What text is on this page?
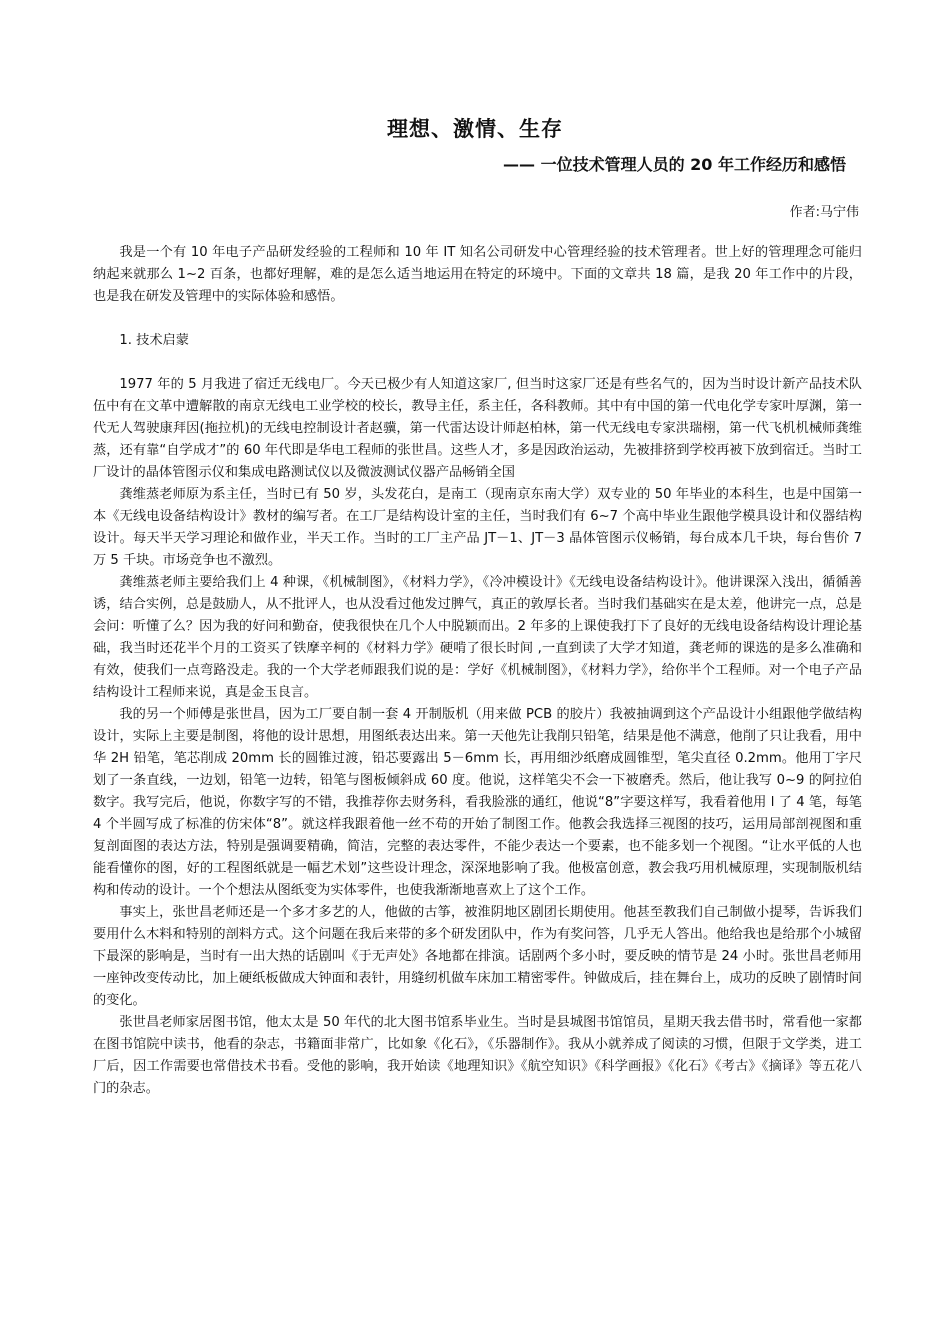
理想、激情、生存
—— 一位技术管理人员的 20 年工作经历和感悟
作者:马宁伟

我是一个有 10 年电子产品研发经验的工程师和 10 年 IT 知名公司研发中心管理经验的技术管理者。世上好的管理理念可能归纳起来就那么 1~2 百条，也都好理解，难的是怎么适当地运用在特定的环境中。下面的文章共 18 篇，是我 20 年工作中的片段，也是我在研发及管理中的实际体验和感悟。

1. 技术启蒙

1977 年的 5 月我进了宿迁无线电厂。今天已极少有人知道这家厂, 但当时这家厂还是有些名气的，因为当时设计新产品技术队伍中有在文革中遭解散的南京无线电工业学校的校长，教导主任，系主任，各科教师。其中有中国的第一代电化学专家叶厚渊，第一代无人驾驶康拜因(拖拉机)的无线电控制设计者赵骥，第一代雷达设计师赵柏林，第一代无线电专家洪瑞栩，第一代飞机机械师龚维蒸，还有靠“自学成才”的 60 年代即是华电工程师的张世昌。这些人才，多是因政治运动，先被排挤到学校再被下放到宿迁。当时工厂设计的晶体管图示仪和集成电路测试仪以及微波测试仪器产品畅销全国

龚维蒸老师原为系主任，当时已有 50 岁，头发花白，是南工（现南京东南大学）双专业的 50 年毕业的本科生，也是中国第一本《无线电设备结构设计》教材的编写者。在工厂是结构设计室的主任，当时我们有 6~7 个高中毕业生跟他学模具设计和仪器结构设计。每天半天学习理论和做作业，半天工作。当时的工厂主产品 JT－1、JT－3 晶体管图示仪畅销，每台成本几千块，每台售价 7 万 5 千块。市场竞争也不激烈。

龚维蒸老师主要给我们上 4 种课，《机械制图》，《材料力学》，《冷冲模设计》《无线电设备结构设计》。他讲课深入浅出，循循善诱，结合实例，总是鼓励人，从不批评人，也从没看过他发过脾气，真正的敦厚长者。当时我们基础实在是太差，他讲完一点，总是会问：听懂了么？因为我的好问和勤奋，使我很快在几个人中脱颖而出。2 年多的上课使我打下了良好的无线电设备结构设计理论基础，我当时还花半个月的工资买了铁摩辛柯的《材料力学》硬啃了很长时间 ,一直到读了大学才知道，龚老师的课选的是多么准确和有效，使我们一点弯路没走。我的一个大学老师跟我们说的是：学好《机械制图》，《材料力学》，给你半个工程师。对一个电子产品结构设计工程师来说，真是金玉良言。

我的另一个师傅是张世昌，因为工厂要自制一套 4 开制版机（用来做 PCB 的胶片）我被抽调到这个产品设计小组跟他学做结构设计，实际上主要是制图，将他的设计思想，用图纸表达出来。第一天他先让我削只铅笔，结果是他不满意，他削了只让我看，用中华 2H 铅笔，笔芯削成 20mm 长的圆锥过渡，铅芯要露出 5－6mm 长，再用细沙纸磨成圆锥型，笔尖直径 0.2mm。他用丁字尺划了一条直线，一边划，铅笔一边转，铅笔与图板倾斜成 60 度。他说，这样笔尖不会一下被磨秃。然后，他让我写 0~9 的阿拉伯数字。我写完后，他说，你数字写的不错，我推荐你去财务科，看我脸涨的通红，他说“8”字要这样写，我看着他用 l 了 4 笔，每笔 4 个半圆写成了标准的仿宋体“8”。就这样我跟着他一丝不苟的开始了制图工作。他教会我选择三视图的技巧，运用局部剖视图和重复剖面图的表达方法，特别是强调要精确，简洁，完整的表达零件，不能少表达一个要素，也不能多划一个视图。“让水平低的人也能看懂你的图，好的工程图纸就是一幅艺术划”这些设计理念，深深地影响了我。他极富创意，教会我巧用机械原理，实现制版机结构和传动的设计。一个个想法从图纸变为实体零件，也使我渐渐地喜欢上了这个工作。

事实上，张世昌老师还是一个多才多艺的人，他做的古筝，被淮阴地区剧团长期使用。他甚至教我们自己制做小提琴，告诉我们要用什么木料和特别的剖料方式。这个问题在我后来带的多个研发团队中，作为有奖问答，几乎无人答出。他给我也是给那个小城留下最深的影响是，当时有一出大热的话剧叫《于无声处》各地都在排演。话剧两个多小时，要反映的情节是 24 小时。张世昌老师用一座钟改变传动比，加上硬纸板做成大钟面和表针，用缝纫机做车床加工精密零件。钟做成后，挂在舞台上，成功的反映了剧情时间的变化。

张世昌老师家居图书馆，他太太是 50 年代的北大图书馆系毕业生。当时是县城图书馆馆员，星期天我去借书时，常看他一家都在图书馆院中读书，他看的杂志，书籍面非常广，比如象《化石》，《乐器制作》。我从小就养成了阅读的习惯，但限于文学类，进工厂后，因工作需要也常借技术书看。受他的影响，我开始读《地理知识》《航空知识》《科学画报》《化石》《考古》《摘译》等五花八门的杂志。
